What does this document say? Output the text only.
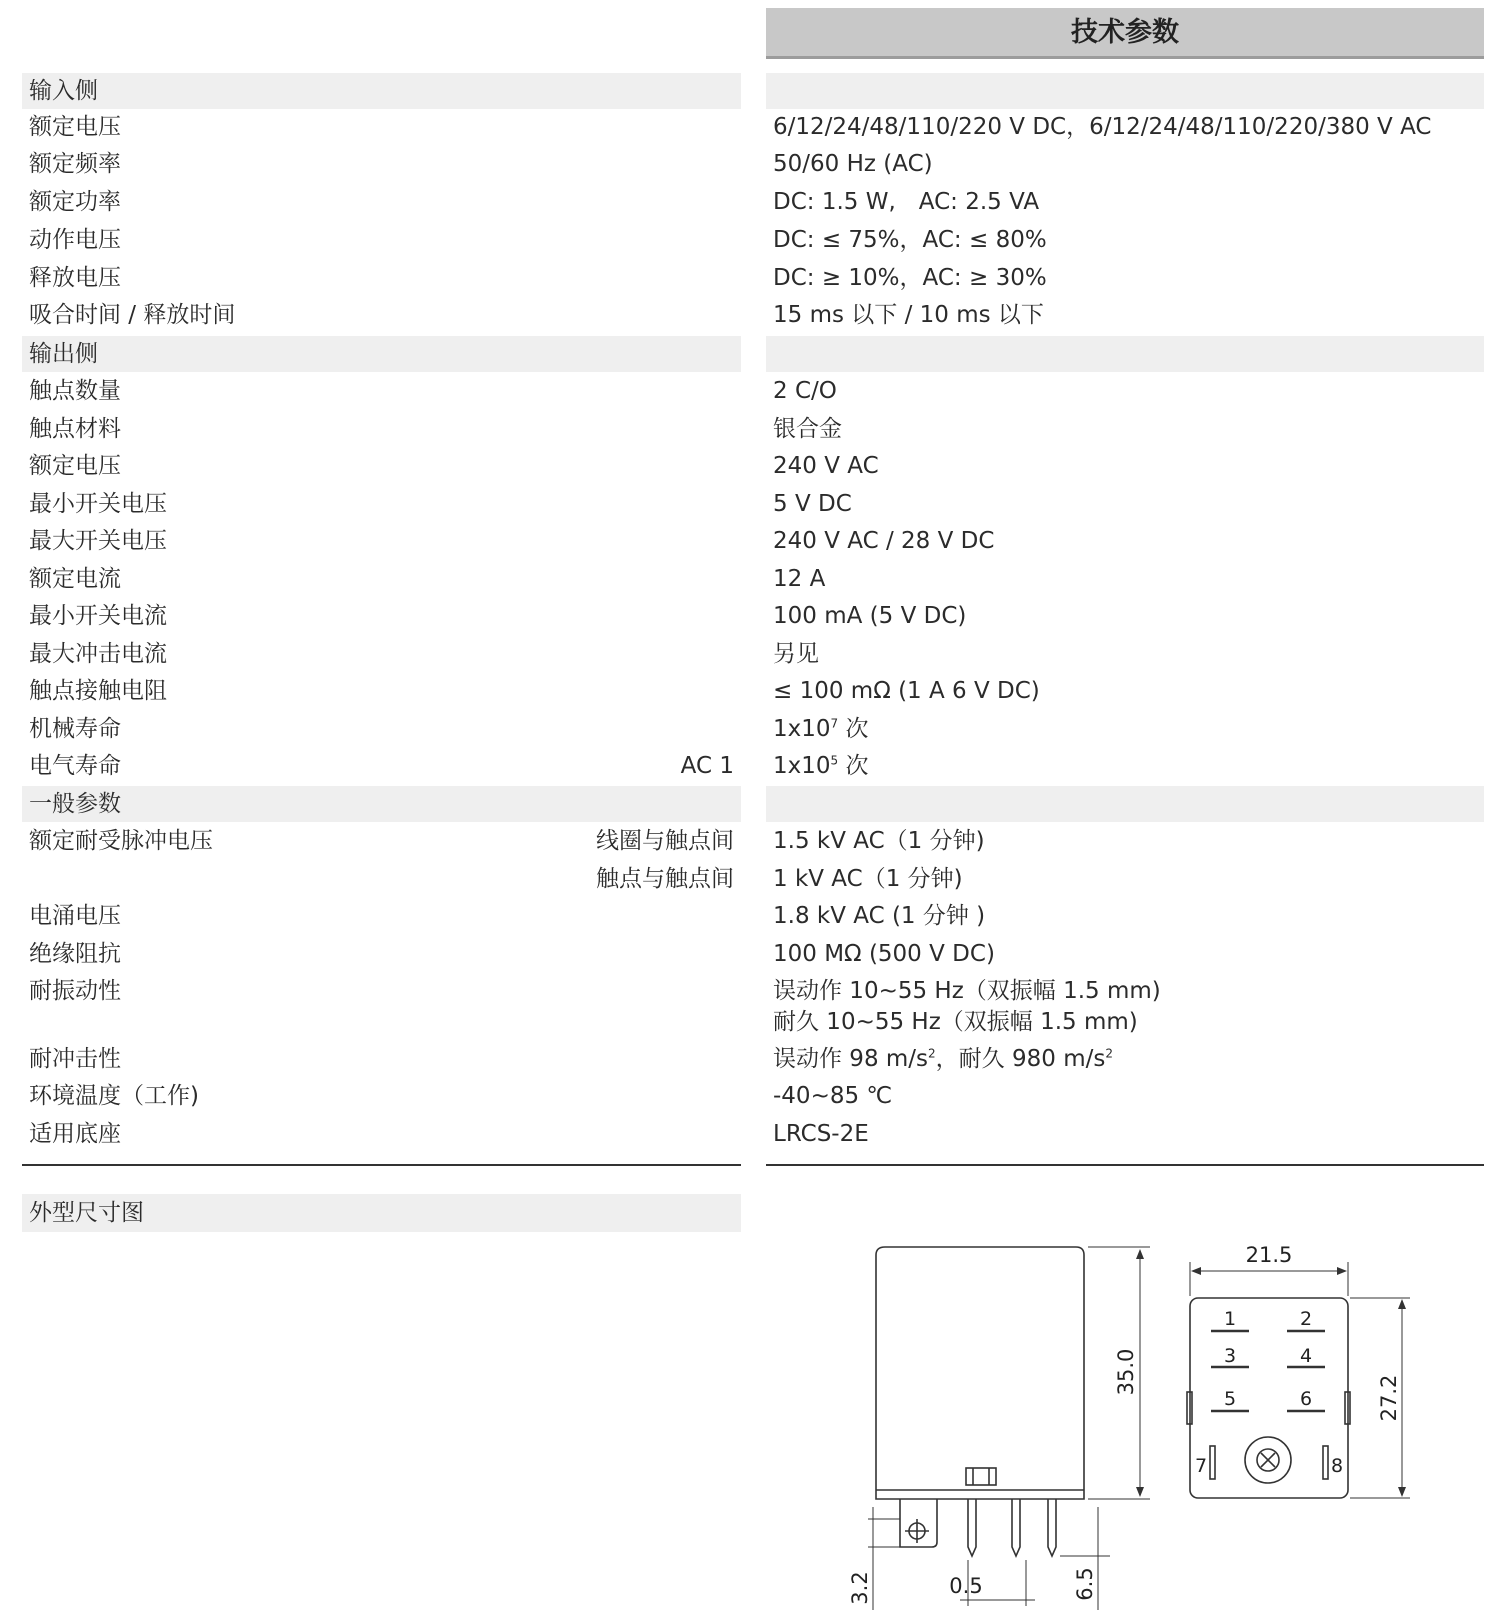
技术参数
输入侧
额定电压	6/12/24/48/110/220 V DC，6/12/24/48/110/220/380 V AC
额定频率	50/60 Hz (AC)
额定功率	DC: 1.5 W,　AC: 2.5 VA
动作电压	DC: ≤ 75%，AC: ≤ 80%
释放电压	DC: ≥ 10%，AC: ≥ 30%
吸合时间 / 释放时间	15 ms 以下 / 10 ms 以下
输出侧
触点数量	2 C/O
触点材料	银合金
额定电压	240 V AC
最小开关电压	5 V DC
最大开关电压	240 V AC / 28 V DC
额定电流	12 A
最小开关电流	100 mA (5 V DC)
最大冲击电流	另见
触点接触电阻	≤ 100 mΩ (1 A 6 V DC)
机械寿命	$1x10^7$ 次
电气寿命	AC 1 $1x10^5$ 次
一般参数
额定耐受脉冲电压	线圈与触点间 1.5 kV AC（1 分钟)
触点与触点间 1 kV AC（1 分钟)
电涌电压	1.8 kV AC (1 分钟 )
绝缘阻抗	100 MΩ (500 V DC)
耐振动性	误动作 10~55 Hz（双振幅 1.5 mm)
耐久 10~55 Hz（双振幅 1.5 mm)
耐冲击性	误动作 98 $m/s^2$，耐久 980 $m/s^2$
环境温度（工作)	-40~85 ℃
适用底座	LRCS-2E
外型尺寸图
21.5
35.0
27.2
6.5
0.5
3.2
1	2
3	4
5	6
7	8
